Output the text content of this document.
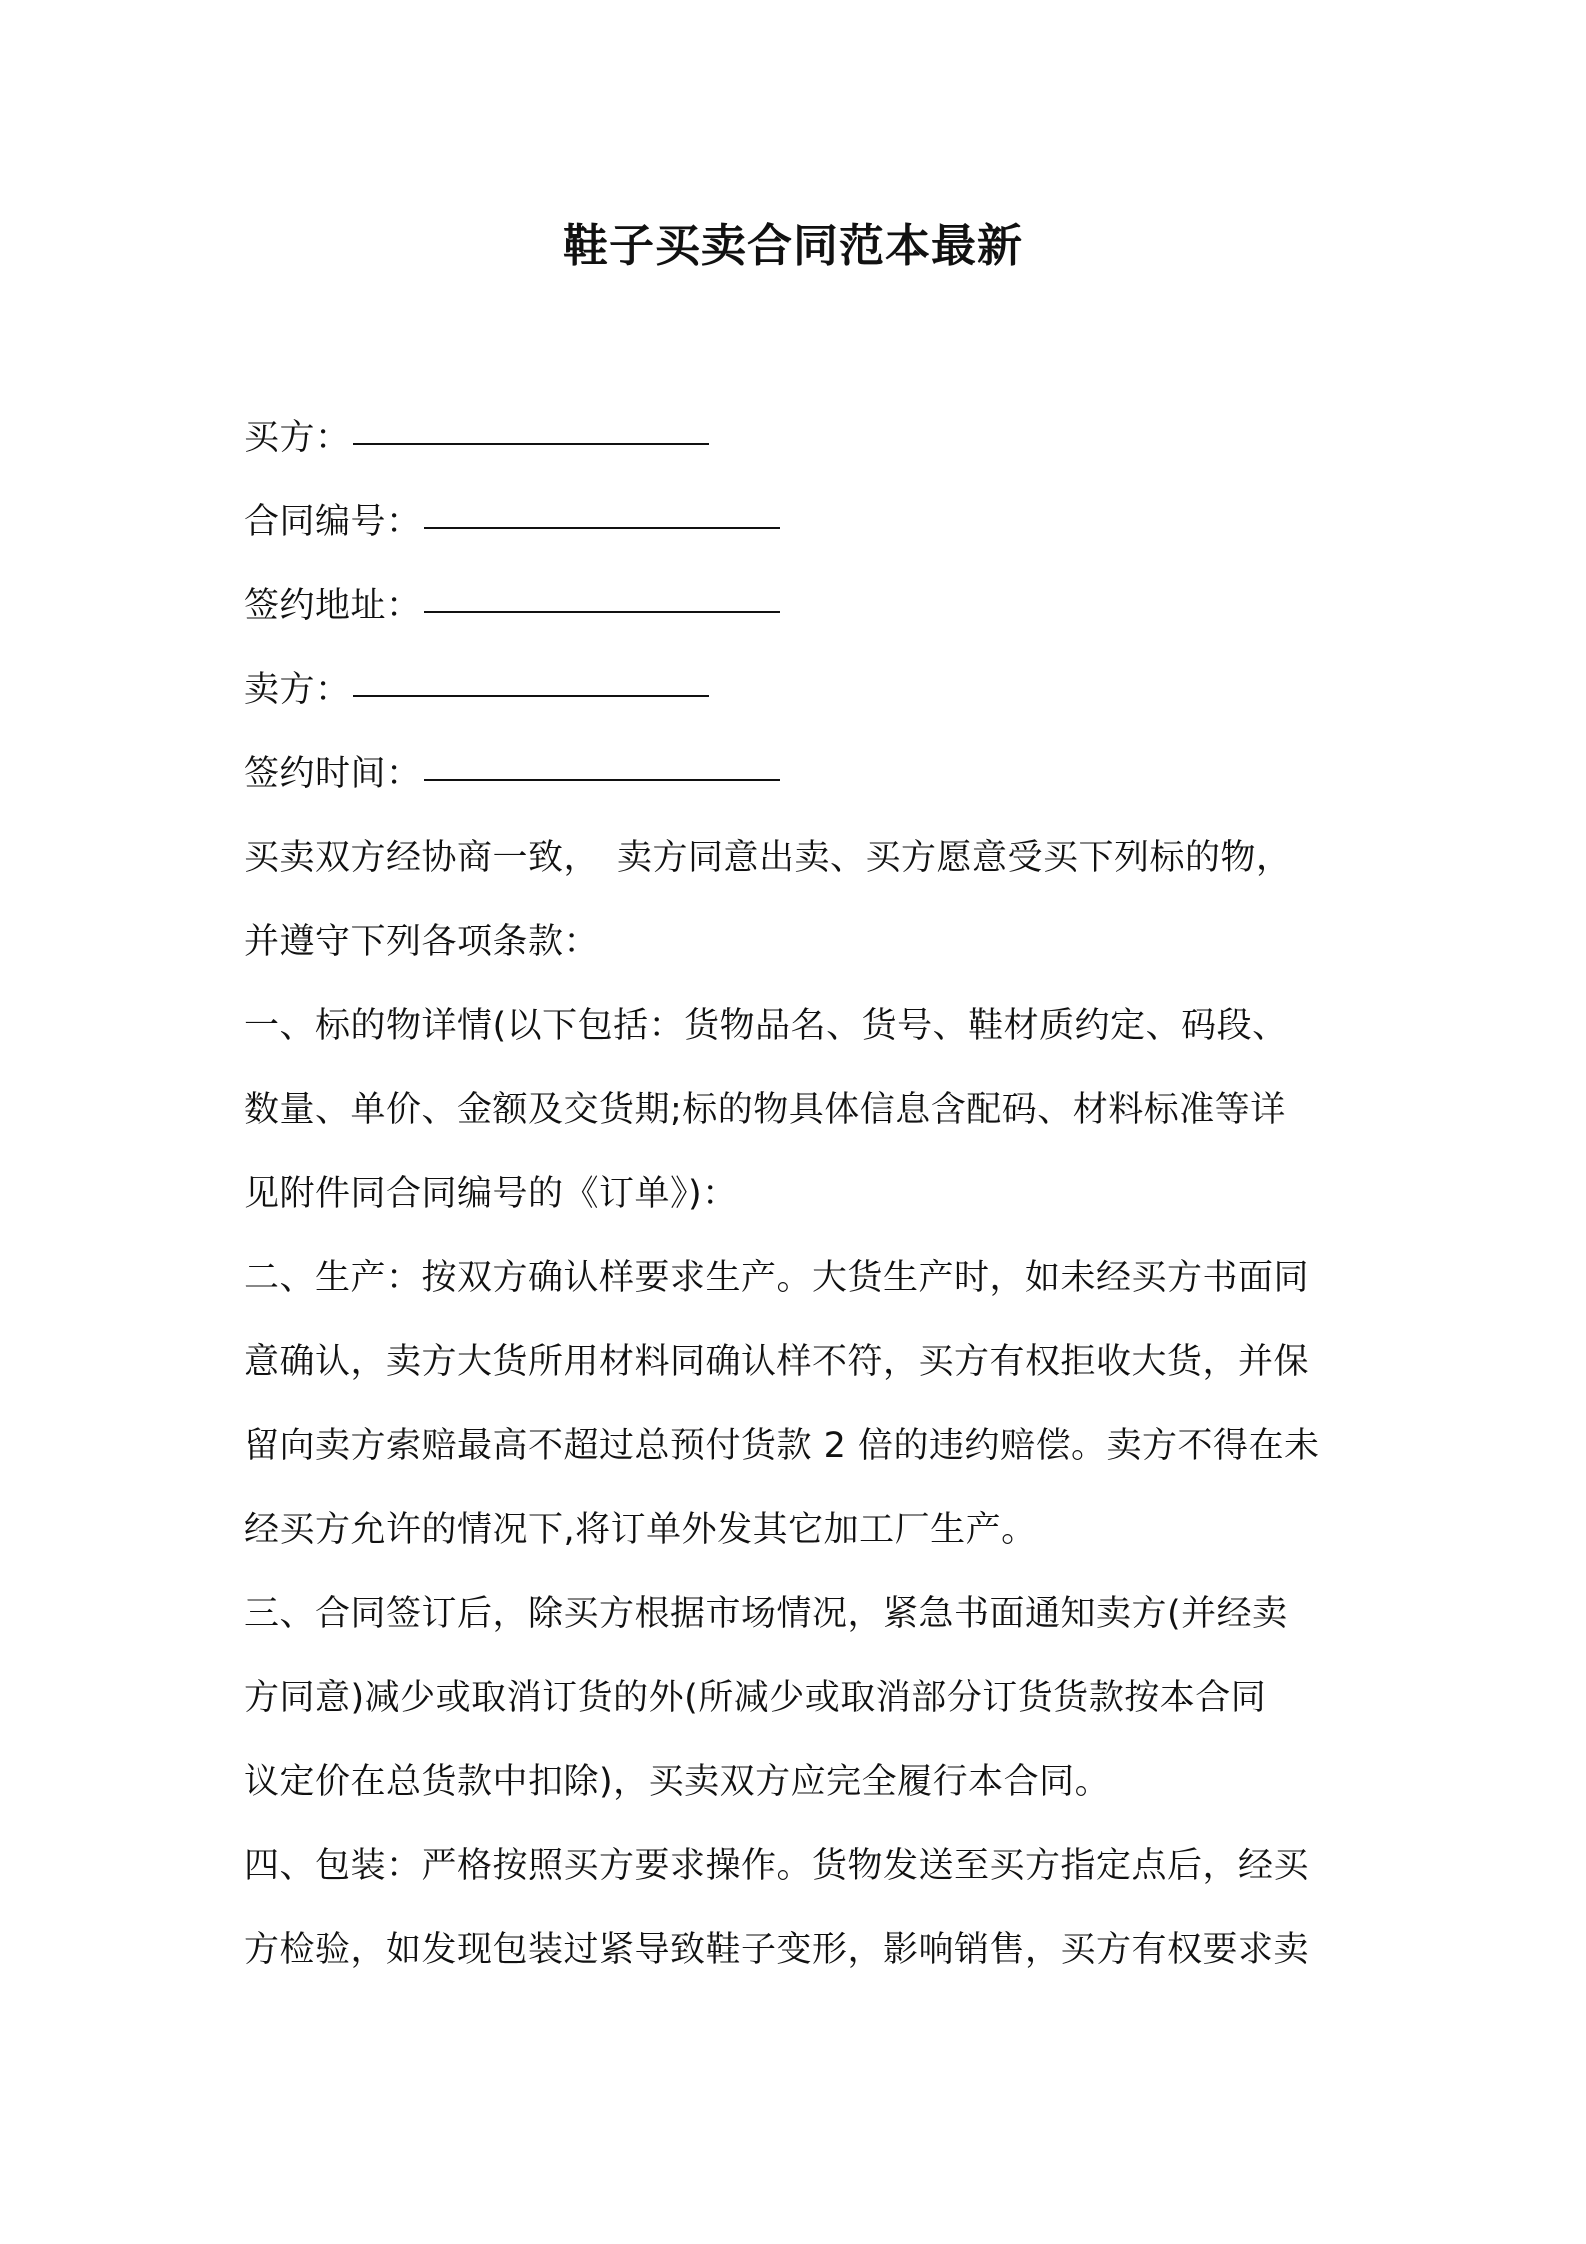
鞋子买卖合同范本最新
买方：
合同编号：
签约地址：
卖方：
签约时间：
买卖双方经协商一致，　卖方同意出卖、买方愿意受买下列标的物，
并遵守下列各项条款：
一、标的物详情(以下包括：货物品名、货号、鞋材质约定、码段、
数量、单价、金额及交货期;标的物具体信息含配码、材料标准等详
见附件同合同编号的《订单》)：
二、生产：按双方确认样要求生产。大货生产时，如未经买方书面同
意确认，卖方大货所用材料同确认样不符，买方有权拒收大货，并保
留向卖方索赔最高不超过总预付货款 2 倍的违约赔偿。卖方不得在未
经买方允许的情况下,将订单外发其它加工厂生产。
三、合同签订后，除买方根据市场情况，紧急书面通知卖方(并经卖
方同意)减少或取消订货的外(所减少或取消部分订货货款按本合同
议定价在总货款中扣除)，买卖双方应完全履行本合同。
四、包装：严格按照买方要求操作。货物发送至买方指定点后，经买
方检验，如发现包装过紧导致鞋子变形，影响销售，买方有权要求卖
